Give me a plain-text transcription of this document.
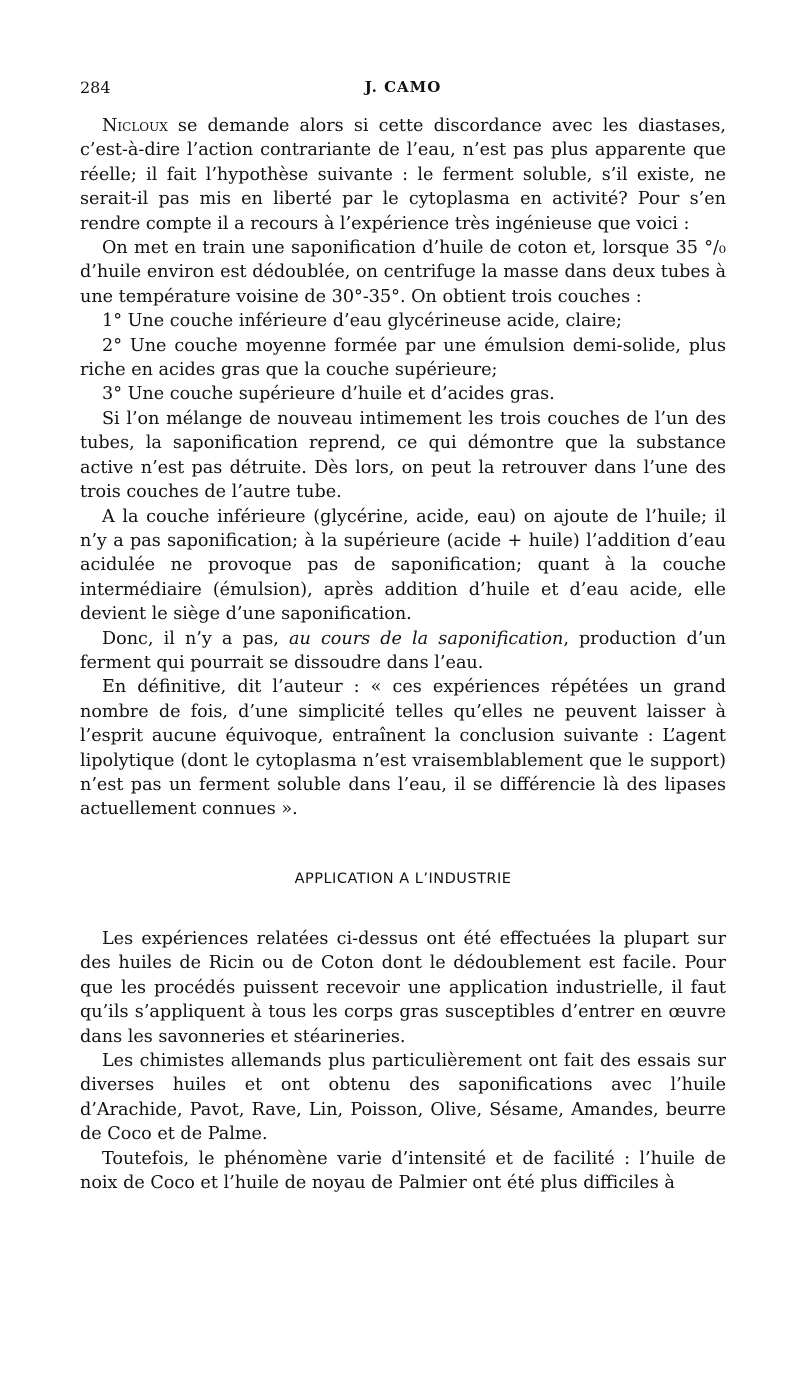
284	J. CAMO

Nicloux se demande alors si cette discordance avec les diastases, c’est-à-dire l’action contrariante de l’eau, n’est pas plus apparente que réelle; il fait l’hypothèse suivante : le ferment soluble, s’il existe, ne serait-il pas mis en liberté par le cytoplasma en activité? Pour s’en rendre compte il a recours à l’expérience très ingénieuse que voici :

On met en train une saponification d’huile de coton et, lorsque 35 °/₀ d’huile environ est dédoublée, on centrifuge la masse dans deux tubes à une température voisine de 30°-35°. On obtient trois couches :

1° Une couche inférieure d’eau glycérineuse acide, claire;

2° Une couche moyenne formée par une émulsion demi-solide, plus riche en acides gras que la couche supérieure;

3° Une couche supérieure d’huile et d’acides gras.

Si l’on mélange de nouveau intimement les trois couches de l’un des tubes, la saponification reprend, ce qui démontre que la substance active n’est pas détruite. Dès lors, on peut la retrouver dans l’une des trois couches de l’autre tube.

A la couche inférieure (glycérine, acide, eau) on ajoute de l’huile; il n’y a pas saponification; à la supérieure (acide + huile) l’addition d’eau acidulée ne provoque pas de saponification; quant à la couche intermédiaire (émulsion), après addition d’huile et d’eau acide, elle devient le siège d’une saponification.

Donc, il n’y a pas, au cours de la saponification, production d’un ferment qui pourrait se dissoudre dans l’eau.

En définitive, dit l’auteur : « ces expériences répétées un grand nombre de fois, d’une simplicité telles qu’elles ne peuvent laisser à l’esprit aucune équivoque, entraînent la conclusion suivante : L’agent lipolytique (dont le cytoplasma n’est vraisemblablement que le support) n’est pas un ferment soluble dans l’eau, il se différencie là des lipases actuellement connues ».

APPLICATION A L’INDUSTRIE

Les expériences relatées ci-dessus ont été effectuées la plupart sur des huiles de Ricin ou de Coton dont le dédoublement est facile. Pour que les procédés puissent recevoir une application industrielle, il faut qu’ils s’appliquent à tous les corps gras susceptibles d’entrer en œuvre dans les savonneries et stéarineries.

Les chimistes allemands plus particulièrement ont fait des essais sur diverses huiles et ont obtenu des saponifications avec l’huile d’Arachide, Pavot, Rave, Lin, Poisson, Olive, Sésame, Amandes, beurre de Coco et de Palme.

Toutefois, le phénomène varie d’intensité et de facilité : l’huile de noix de Coco et l’huile de noyau de Palmier ont été plus difficiles à
